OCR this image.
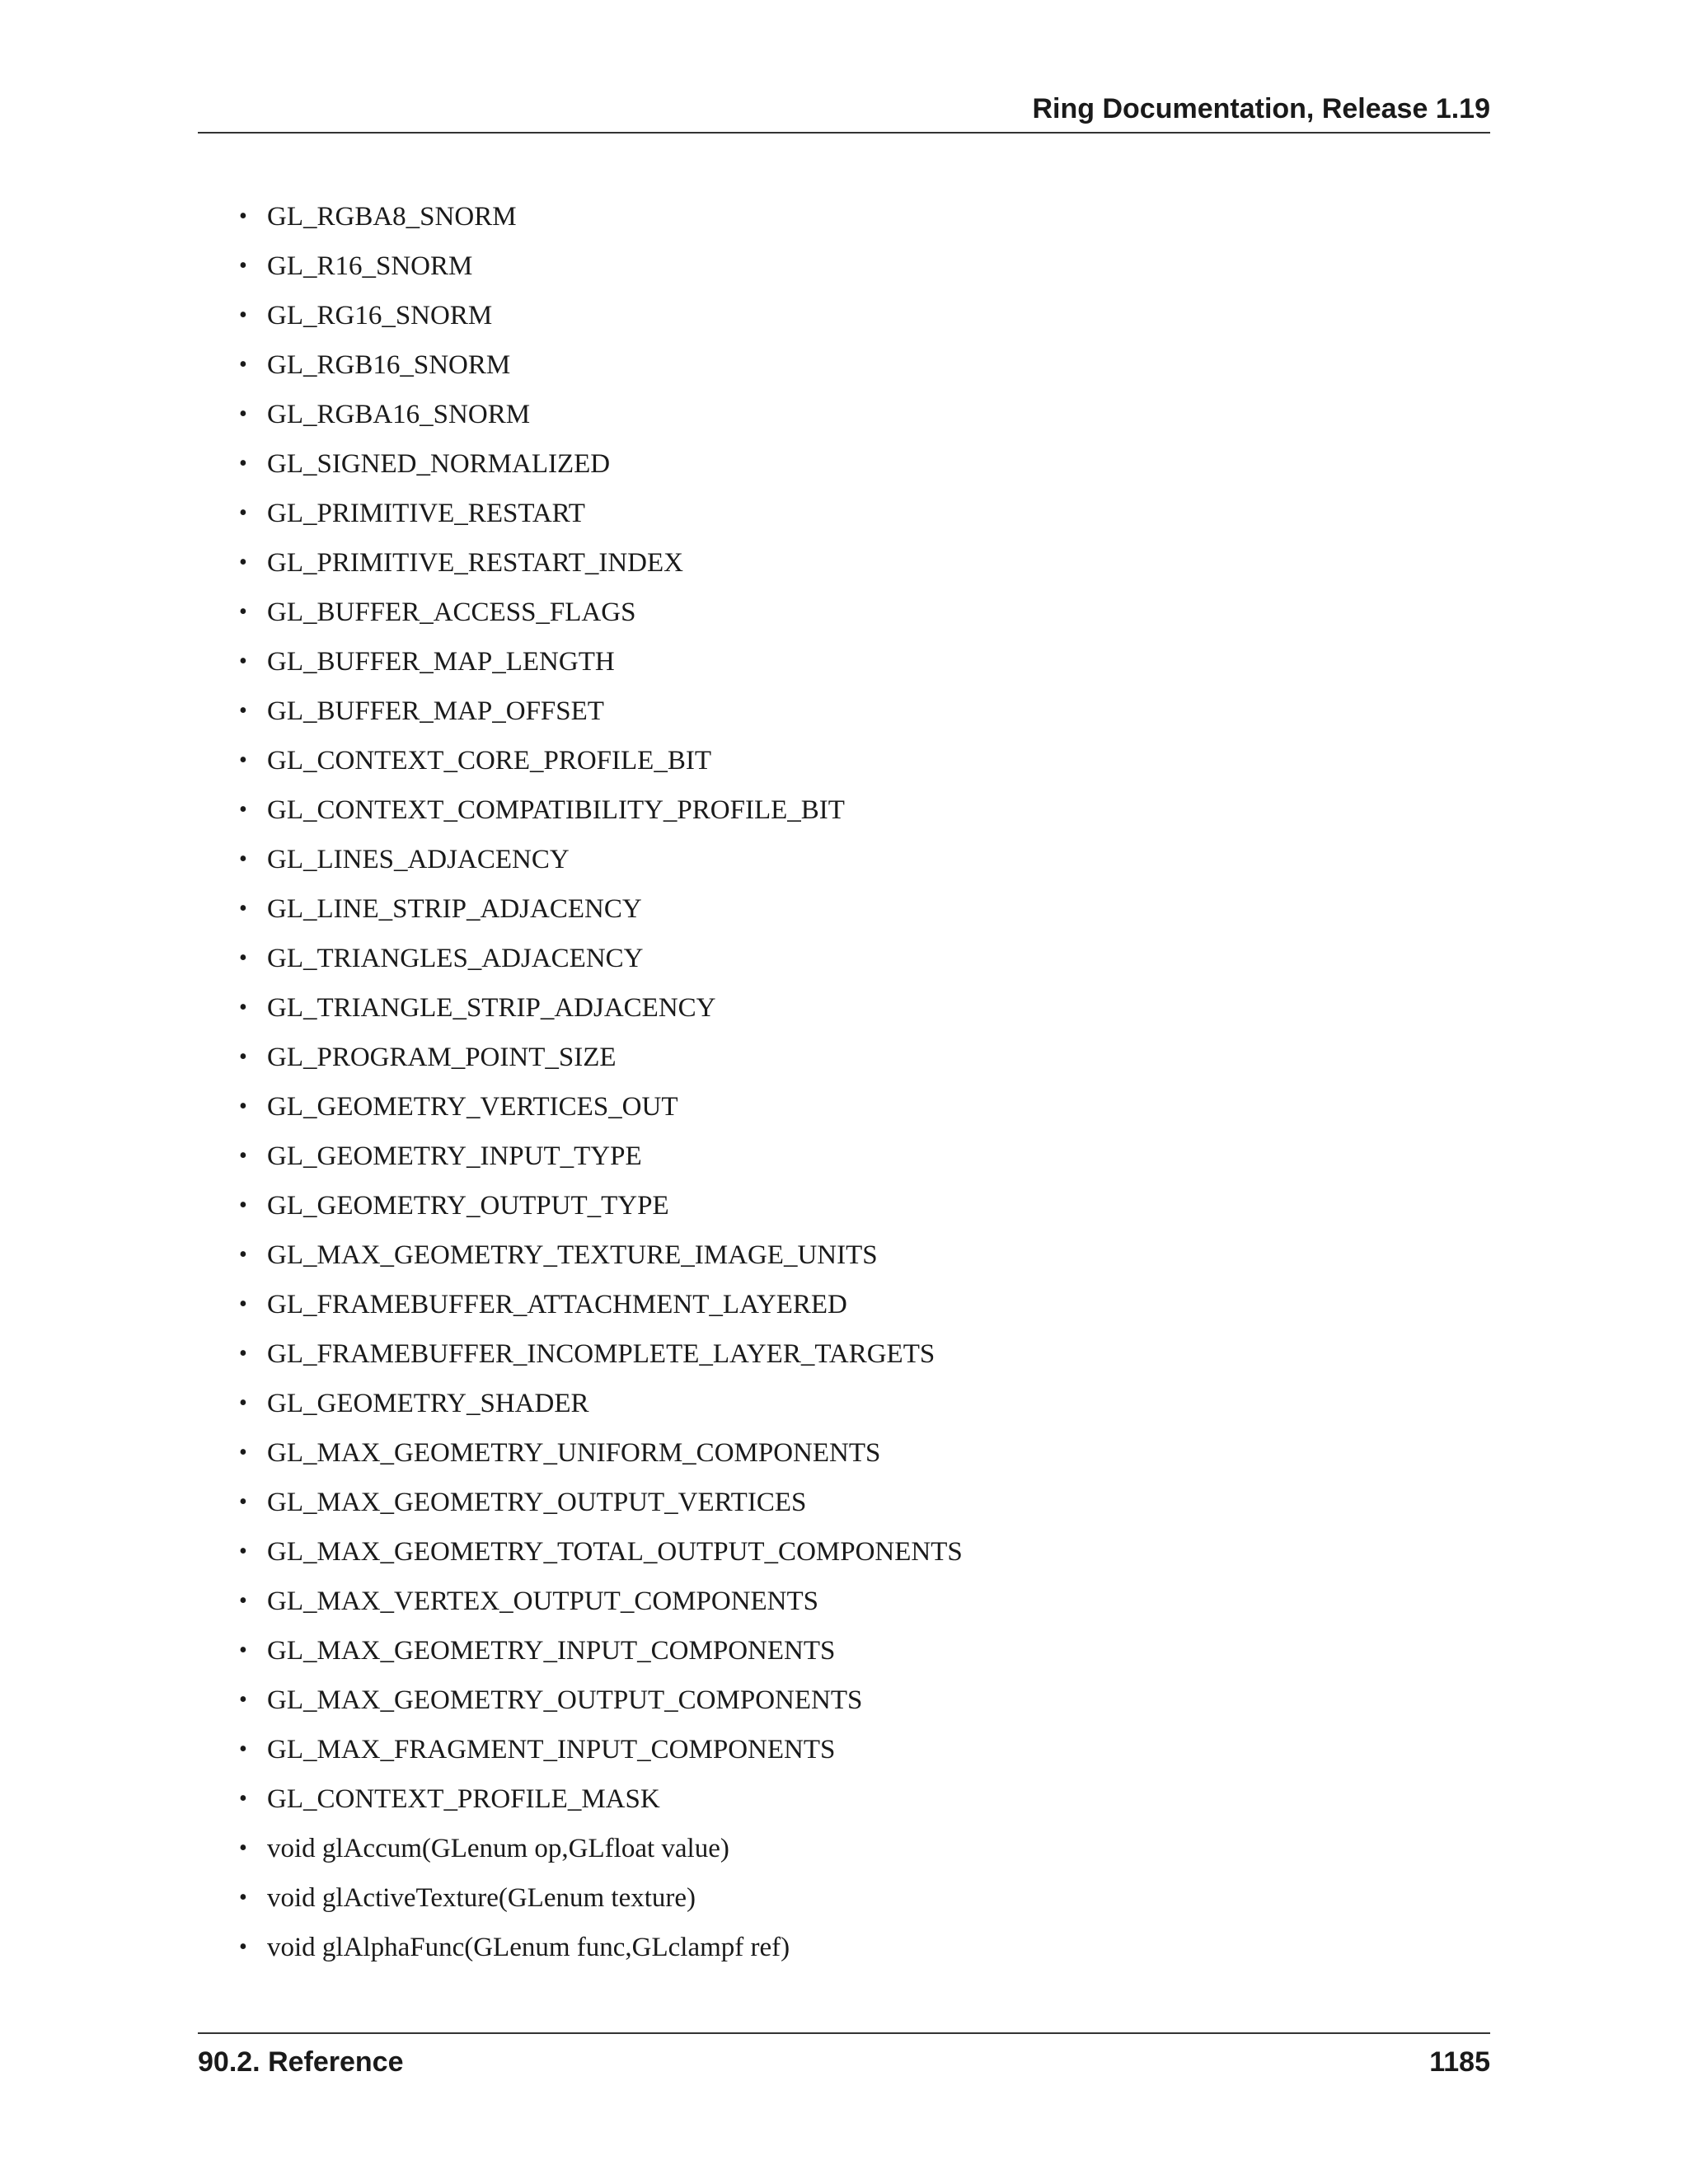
Ring Documentation, Release 1.19
• GL_RGBA8_SNORM
• GL_R16_SNORM
• GL_RG16_SNORM
• GL_RGB16_SNORM
• GL_RGBA16_SNORM
• GL_SIGNED_NORMALIZED
• GL_PRIMITIVE_RESTART
• GL_PRIMITIVE_RESTART_INDEX
• GL_BUFFER_ACCESS_FLAGS
• GL_BUFFER_MAP_LENGTH
• GL_BUFFER_MAP_OFFSET
• GL_CONTEXT_CORE_PROFILE_BIT
• GL_CONTEXT_COMPATIBILITY_PROFILE_BIT
• GL_LINES_ADJACENCY
• GL_LINE_STRIP_ADJACENCY
• GL_TRIANGLES_ADJACENCY
• GL_TRIANGLE_STRIP_ADJACENCY
• GL_PROGRAM_POINT_SIZE
• GL_GEOMETRY_VERTICES_OUT
• GL_GEOMETRY_INPUT_TYPE
• GL_GEOMETRY_OUTPUT_TYPE
• GL_MAX_GEOMETRY_TEXTURE_IMAGE_UNITS
• GL_FRAMEBUFFER_ATTACHMENT_LAYERED
• GL_FRAMEBUFFER_INCOMPLETE_LAYER_TARGETS
• GL_GEOMETRY_SHADER
• GL_MAX_GEOMETRY_UNIFORM_COMPONENTS
• GL_MAX_GEOMETRY_OUTPUT_VERTICES
• GL_MAX_GEOMETRY_TOTAL_OUTPUT_COMPONENTS
• GL_MAX_VERTEX_OUTPUT_COMPONENTS
• GL_MAX_GEOMETRY_INPUT_COMPONENTS
• GL_MAX_GEOMETRY_OUTPUT_COMPONENTS
• GL_MAX_FRAGMENT_INPUT_COMPONENTS
• GL_CONTEXT_PROFILE_MASK
• void glAccum(GLenum op,GLfloat value)
• void glActiveTexture(GLenum texture)
• void glAlphaFunc(GLenum func,GLclampf ref)
90.2. Reference	1185
